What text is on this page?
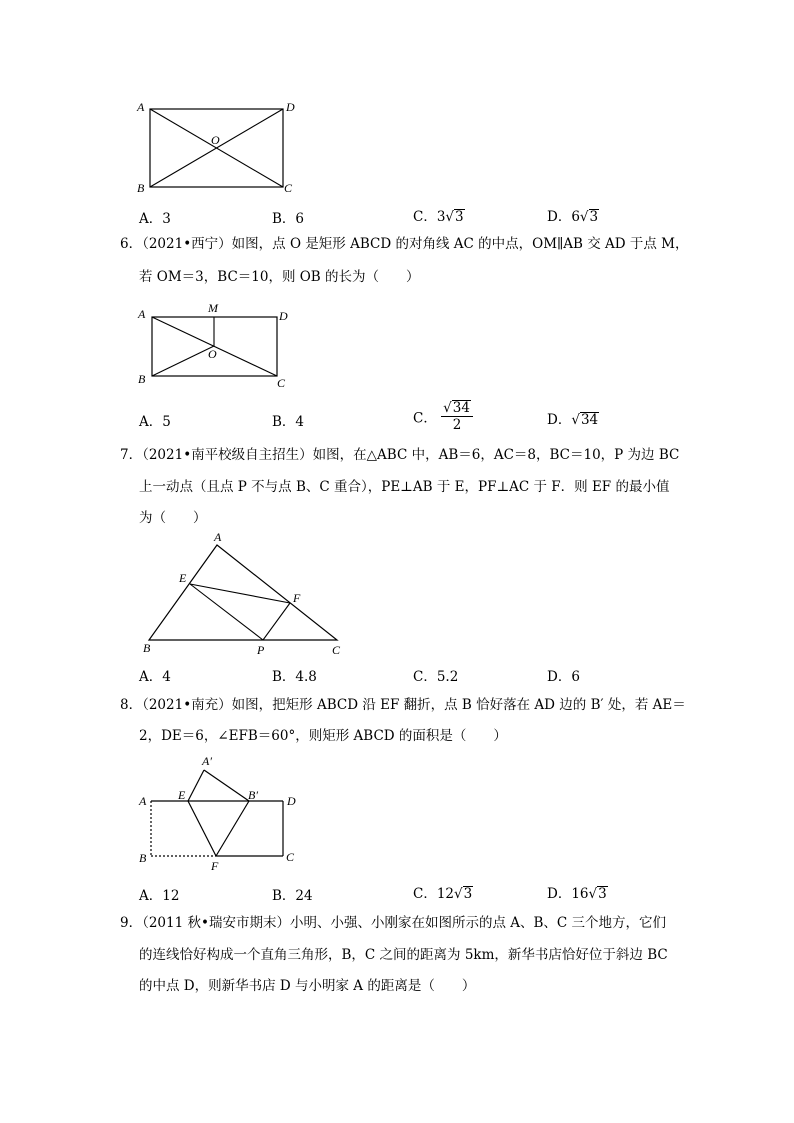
A	D
O
B	C
A．3	B．6	C．3√3	D．6√3
6．（2021•西宁）如图，点 O 是矩形 ABCD 的对角线 AC 的中点，OM∥AB 交 AD 于点 M，
若 OM＝3，BC＝10，则 OB 的长为（　　）
A	M
D
O
B	C
A．5	B．4	C． $\frac{√34}{2}$	D．√34
7．（2021•南平校级自主招生）如图，在△ABC 中，AB＝6，AC＝8，BC＝10，P 为边 BC
上一动点（且点 P 不与点 B、C 重合），PE⊥AB 于 E，PF⊥AC 于 F．则 EF 的最小值
为（　　）
A
E
F
B	P	C
A．4	B．4.8	C．5.2	D．6
8．（2021•南充）如图，把矩形 ABCD 沿 EF 翻折，点 B 恰好落在 AD 边的 B′ 处，若 AE＝
2，DE＝6，∠EFB＝60°，则矩形 ABCD 的面积是（　　）
A′
A	E	B′ D
B
F
C
A．12	B．24	C．12√3	D．16√3
9．（2011 秋•瑞安市期末）小明、小强、小刚家在如图所示的点 A、B、C 三个地方，它们
的连线恰好构成一个直角三角形，B，C 之间的距离为 5km，新华书店恰好位于斜边 BC
的中点 D，则新华书店 D 与小明家 A 的距离是（　　）
